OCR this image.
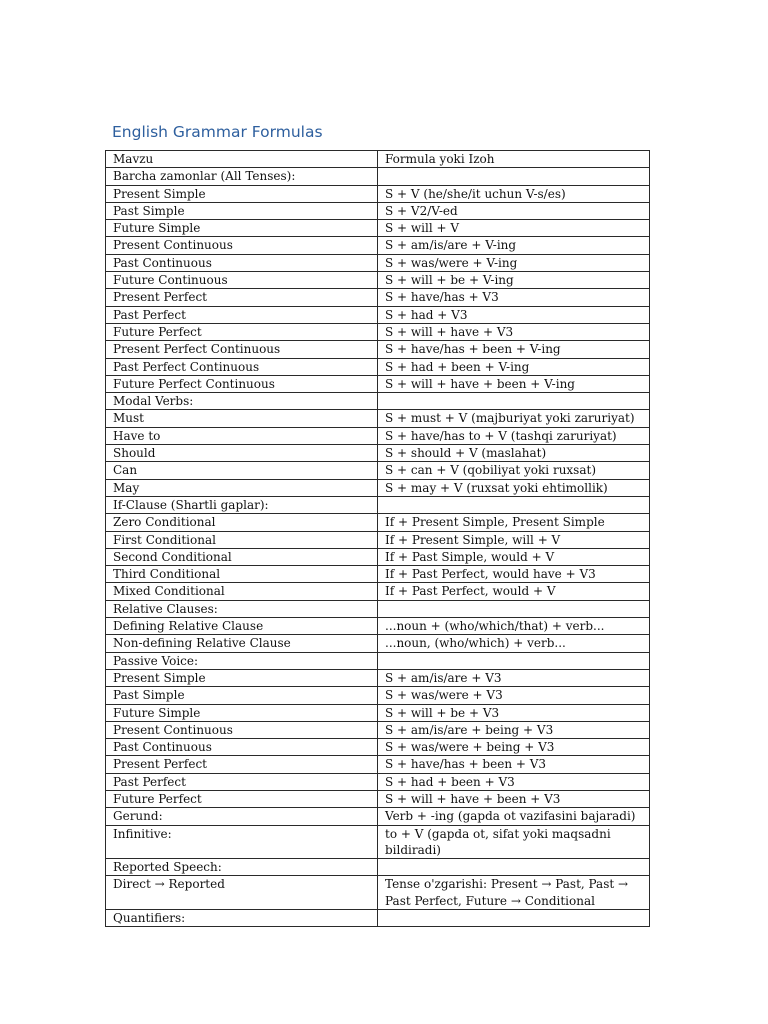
English Grammar Formulas
Mavzu	Formula yoki Izoh
Barcha zamonlar (All Tenses):	
Present Simple	S + V (he/she/it uchun V-s/es)
Past Simple	S + V2/V-ed
Future Simple	S + will + V
Present Continuous	S + am/is/are + V-ing
Past Continuous	S + was/were + V-ing
Future Continuous	S + will + be + V-ing
Present Perfect	S + have/has + V3
Past Perfect	S + had + V3
Future Perfect	S + will + have + V3
Present Perfect Continuous	S + have/has + been + V-ing
Past Perfect Continuous	S + had + been + V-ing
Future Perfect Continuous	S + will + have + been + V-ing
Modal Verbs:	
Must	S + must + V (majburiyat yoki zaruriyat)
Have to	S + have/has to + V (tashqi zaruriyat)
Should	S + should + V (maslahat)
Can	S + can + V (qobiliyat yoki ruxsat)
May	S + may + V (ruxsat yoki ehtimollik)
If-Clause (Shartli gaplar):	
Zero Conditional	If + Present Simple, Present Simple
First Conditional	If + Present Simple, will + V
Second Conditional	If + Past Simple, would + V
Third Conditional	If + Past Perfect, would have + V3
Mixed Conditional	If + Past Perfect, would + V
Relative Clauses:	
Defining Relative Clause	...noun + (who/which/that) + verb...
Non-defining Relative Clause	...noun, (who/which) + verb...
Passive Voice:	
Present Simple	S + am/is/are + V3
Past Simple	S + was/were + V3
Future Simple	S + will + be + V3
Present Continuous	S + am/is/are + being + V3
Past Continuous	S + was/were + being + V3
Present Perfect	S + have/has + been + V3
Past Perfect	S + had + been + V3
Future Perfect	S + will + have + been + V3
Gerund:	Verb + -ing (gapda ot vazifasini bajaradi)
Infinitive:	to + V (gapda ot, sifat yoki maqsadni bildiradi)
Reported Speech:	
Direct → Reported	Tense o'zgarishi: Present → Past, Past → Past Perfect, Future → Conditional
Quantifiers:	
